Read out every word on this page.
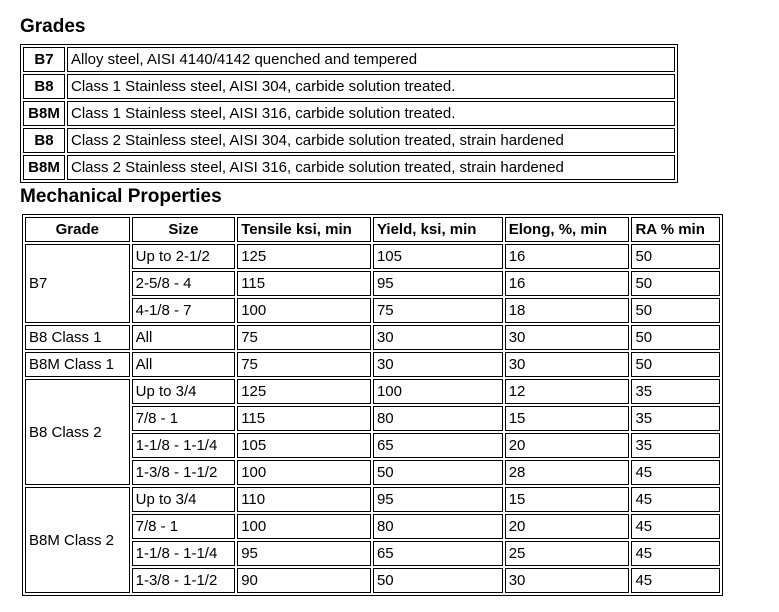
Grades
B7	Alloy steel, AISI 4140/4142 quenched and tempered
B8	Class 1 Stainless steel, AISI 304, carbide solution treated.
B8M	Class 1 Stainless steel, AISI 316, carbide solution treated.
B8	Class 2 Stainless steel, AISI 304, carbide solution treated, strain hardened
B8M	Class 2 Stainless steel, AISI 316, carbide solution treated, strain hardened
Mechanical Properties
Grade	Size	Tensile ksi, min	Yield, ksi, min	Elong, %, min	RA % min
B7	Up to 2-1/2	125	105	16	50
	2-5/8 - 4	115	95	16	50
	4-1/8 - 7	100	75	18	50
B8 Class 1	All	75	30	30	50
B8M Class 1	All	75	30	30	50
B8 Class 2	Up to 3/4	125	100	12	35
	7/8 - 1	115	80	15	35
	1-1/8 - 1-1/4	105	65	20	35
	1-3/8 - 1-1/2	100	50	28	45
B8M Class 2	Up to 3/4	110	95	15	45
	7/8 - 1	100	80	20	45
	1-1/8 - 1-1/4	95	65	25	45
	1-3/8 - 1-1/2	90	50	30	45
